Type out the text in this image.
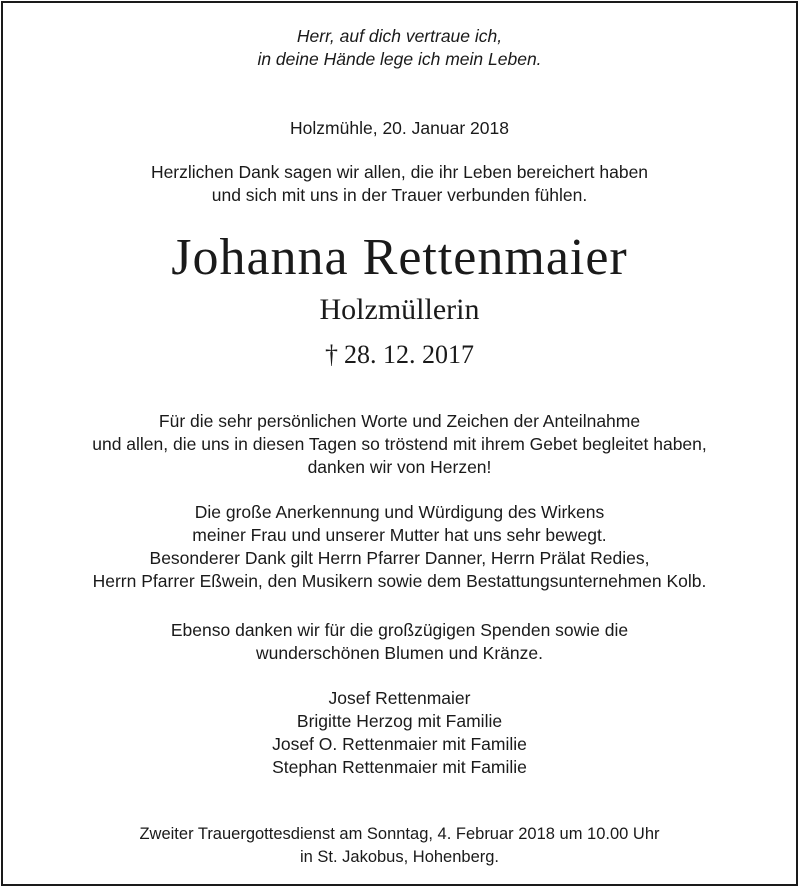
Herr, auf dich vertraue ich,
in deine Hände lege ich mein Leben.
Holzmühle, 20. Januar 2018
Herzlichen Dank sagen wir allen, die ihr Leben bereichert haben
und sich mit uns in der Trauer verbunden fühlen.
Johanna Rettenmaier
Holzmüllerin
† 28. 12. 2017
Für die sehr persönlichen Worte und Zeichen der Anteilnahme
und allen, die uns in diesen Tagen so tröstend mit ihrem Gebet begleitet haben,
danken wir von Herzen!
Die große Anerkennung und Würdigung des Wirkens
meiner Frau und unserer Mutter hat uns sehr bewegt.
Besonderer Dank gilt Herrn Pfarrer Danner, Herrn Prälat Redies,
Herrn Pfarrer Eßwein, den Musikern sowie dem Bestattungsunternehmen Kolb.
Ebenso danken wir für die großzügigen Spenden sowie die
wunderschönen Blumen und Kränze.
Josef Rettenmaier
Brigitte Herzog mit Familie
Josef O. Rettenmaier mit Familie
Stephan Rettenmaier mit Familie
Zweiter Trauergottesdienst am Sonntag, 4. Februar 2018 um 10.00 Uhr
in St. Jakobus, Hohenberg.
